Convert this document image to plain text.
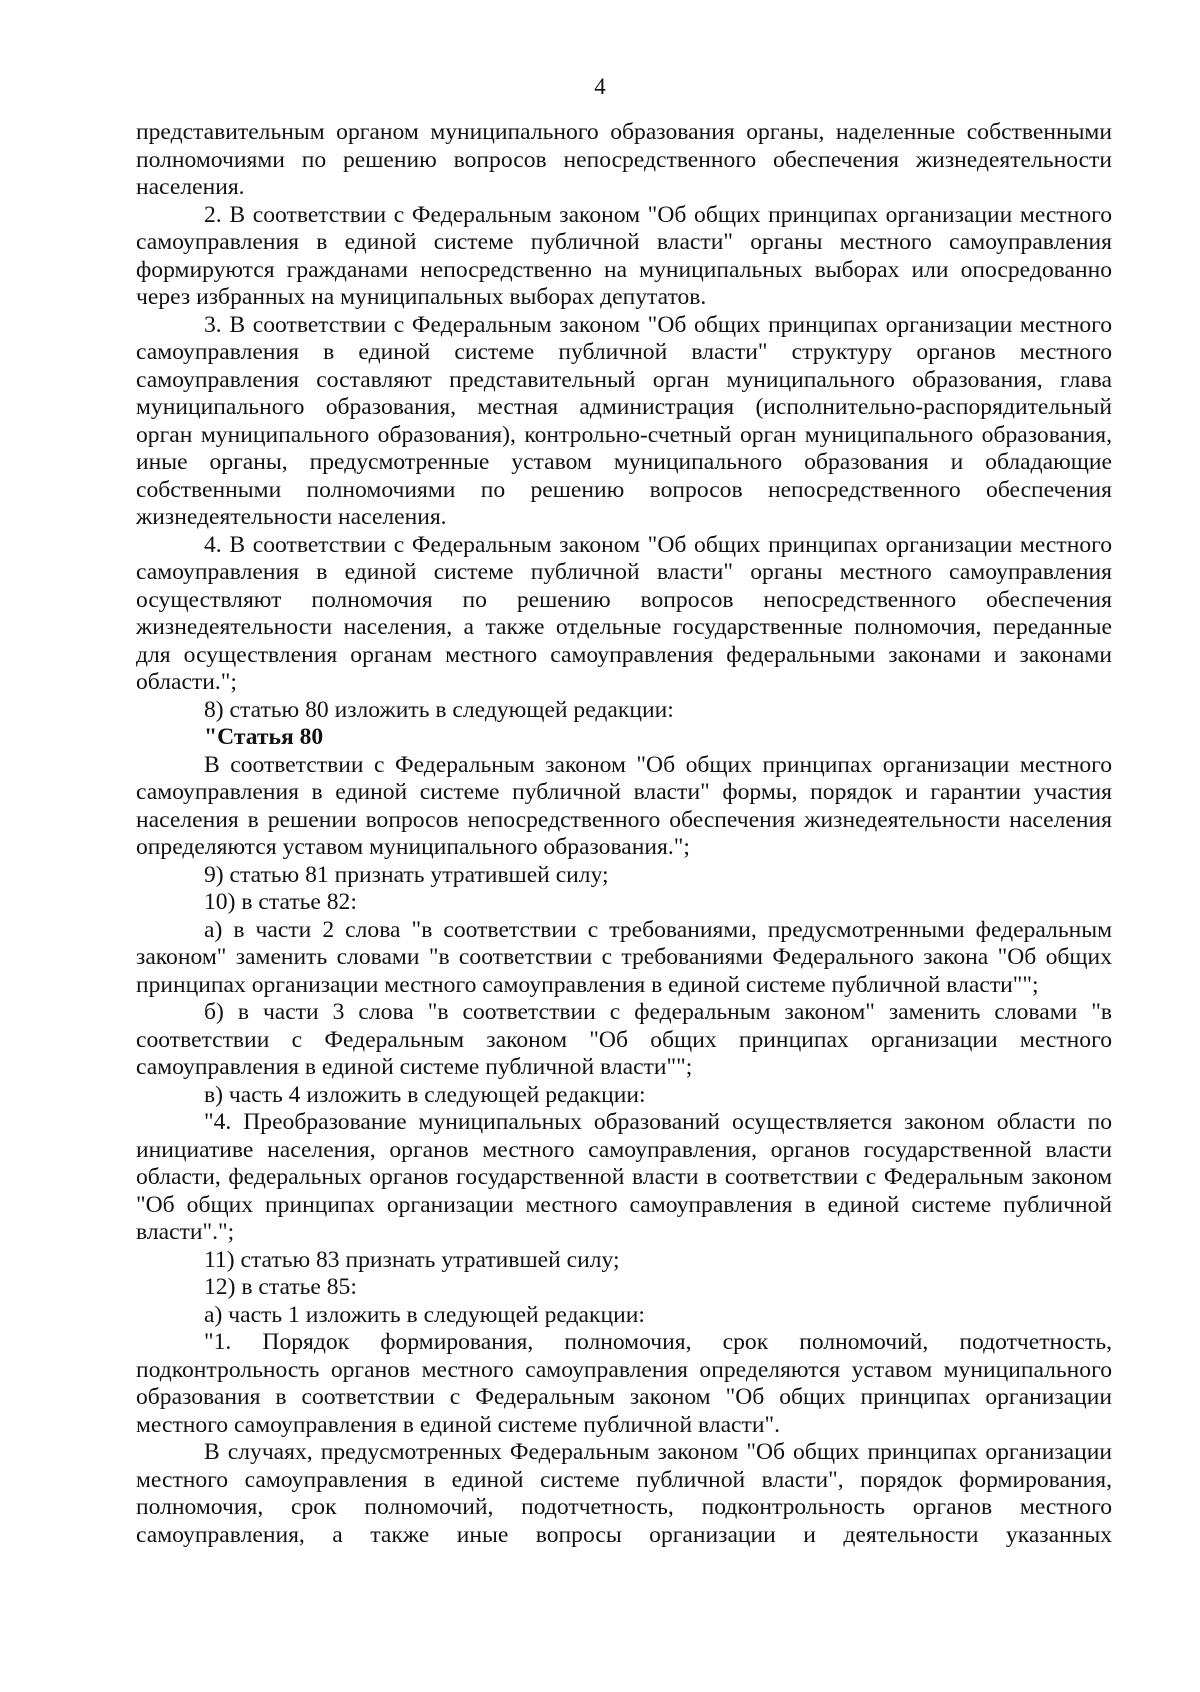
4

представительным органом муниципального образования органы, наделенные собственными полномочиями по решению вопросов непосредственного обеспечения жизнедеятельности населения.

2. В соответствии с Федеральным законом "Об общих принципах организации местного самоуправления в единой системе публичной власти" органы местного самоуправления формируются гражданами непосредственно на муниципальных выборах или опосредованно через избранных на муниципальных выборах депутатов.

3. В соответствии с Федеральным законом "Об общих принципах организации местного самоуправления в единой системе публичной власти" структуру органов местного самоуправления составляют представительный орган муниципального образования, глава муниципального образования, местная администрация (исполнительно-распорядительный орган муниципального образования), контрольно-счетный орган муниципального образования, иные органы, предусмотренные уставом муниципального образования и обладающие собственными полномочиями по решению вопросов непосредственного обеспечения жизнедеятельности населения.

4. В соответствии с Федеральным законом "Об общих принципах организации местного самоуправления в единой системе публичной власти" органы местного самоуправления осуществляют полномочия по решению вопросов непосредственного обеспечения жизнедеятельности населения, а также отдельные государственные полномочия, переданные для осуществления органам местного самоуправления федеральными законами и законами области.";

8) статью 80 изложить в следующей редакции:

"Статья 80

В соответствии с Федеральным законом "Об общих принципах организации местного самоуправления в единой системе публичной власти" формы, порядок и гарантии участия населения в решении вопросов непосредственного обеспечения жизнедеятельности населения определяются уставом муниципального образования.";

9) статью 81 признать утратившей силу;

10) в статье 82:

а) в части 2 слова "в соответствии с требованиями, предусмотренными федеральным законом" заменить словами "в соответствии с требованиями Федерального закона "Об общих принципах организации местного самоуправления в единой системе публичной власти"";

б) в части 3 слова "в соответствии с федеральным законом" заменить словами "в соответствии с Федеральным законом "Об общих принципах организации местного самоуправления в единой системе публичной власти"";

в) часть 4 изложить в следующей редакции:

"4. Преобразование муниципальных образований осуществляется законом области по инициативе населения, органов местного самоуправления, органов государственной власти области, федеральных органов государственной власти в соответствии с Федеральным законом "Об общих принципах организации местного самоуправления в единой системе публичной власти".";

11) статью 83 признать утратившей силу;

12) в статье 85:

а) часть 1 изложить в следующей редакции:

"1. Порядок формирования, полномочия, срок полномочий, подотчетность, подконтрольность органов местного самоуправления определяются уставом муниципального образования в соответствии с Федеральным законом "Об общих принципах организации местного самоуправления в единой системе публичной власти".

В случаях, предусмотренных Федеральным законом "Об общих принципах организации местного самоуправления в единой системе публичной власти", порядок формирования, полномочия, срок полномочий, подотчетность, подконтрольность органов местного самоуправления, а также иные вопросы организации и деятельности указанных
